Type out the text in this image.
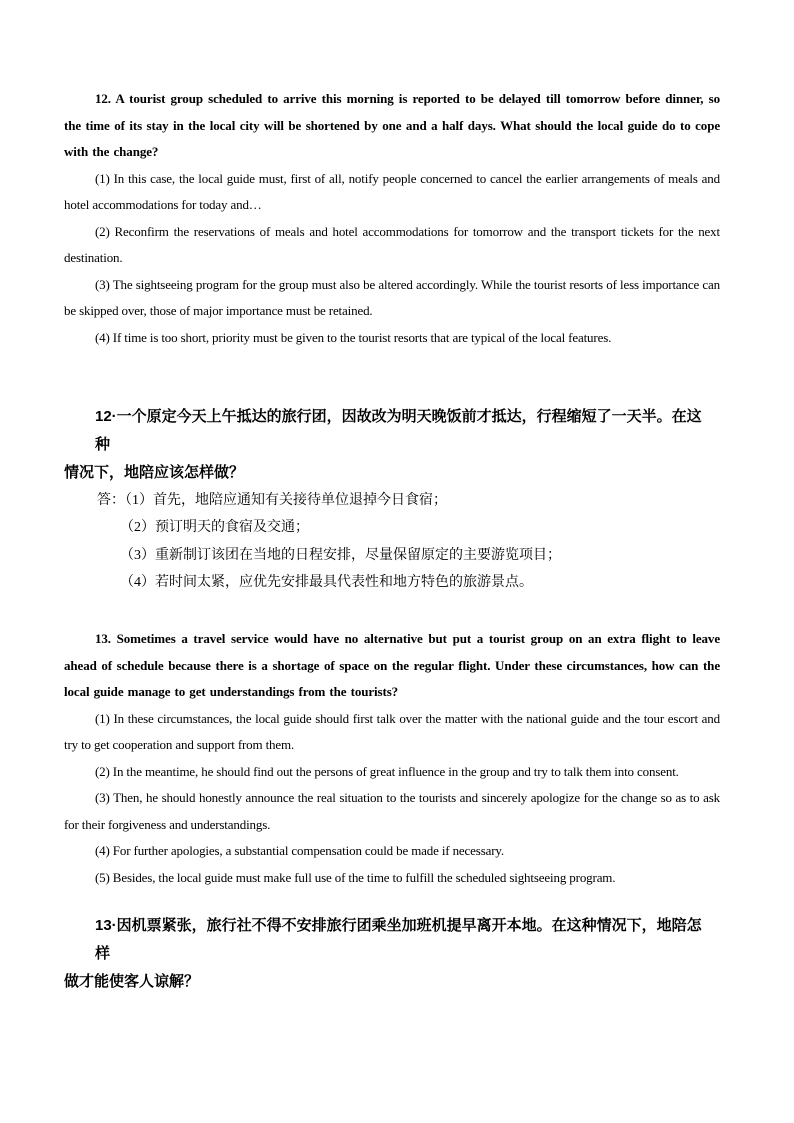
12. A tourist group scheduled to arrive this morning is reported to be delayed till tomorrow before dinner, so the time of its stay in the local city will be shortened by one and a half days. What should the local guide do to cope with the change?

(1) In this case, the local guide must, first of all, notify people concerned to cancel the earlier arrangements of meals and hotel accommodations for today and…

(2) Reconfirm the reservations of meals and hotel accommodations for tomorrow and the transport tickets for the next destination.

(3) The sightseeing program for the group must also be altered accordingly. While the tourist resorts of less importance can be skipped over, those of major importance must be retained.

(4) If time is too short, priority must be given to the tourist resorts that are typical of the local features.

12·一个原定今天上午抵达的旅行团，因故改为明天晚饭前才抵达，行程缩短了一天半。在这
种
情况下，地陪应该怎样做？
答：（1）首先，地陪应通知有关接待单位退掉今日食宿；
（2）预订明天的食宿及交通；
（3）重新制订该团在当地的日程安排，尽量保留原定的主要游览项目；
（4）若时间太紧，应优先安排最具代表性和地方特色的旅游景点。

13. Sometimes a travel service would have no alternative but put a tourist group on an extra flight to leave ahead of schedule because there is a shortage of space on the regular flight. Under these circumstances, how can the local guide manage to get understandings from the tourists?

(1) In these circumstances, the local guide should first talk over the matter with the national guide and the tour escort and try to get cooperation and support from them.

(2) In the meantime, he should find out the persons of great influence in the group and try to talk them into consent.

(3) Then, he should honestly announce the real situation to the tourists and sincerely apologize for the change so as to ask for their forgiveness and understandings.

(4) For further apologies, a substantial compensation could be made if necessary.

(5) Besides, the local guide must make full use of the time to fulfill the scheduled sightseeing program.

13·因机票紧张，旅行社不得不安排旅行团乘坐加班机提早离开本地。在这种情况下，地陪怎
样
做才能使客人谅解？
